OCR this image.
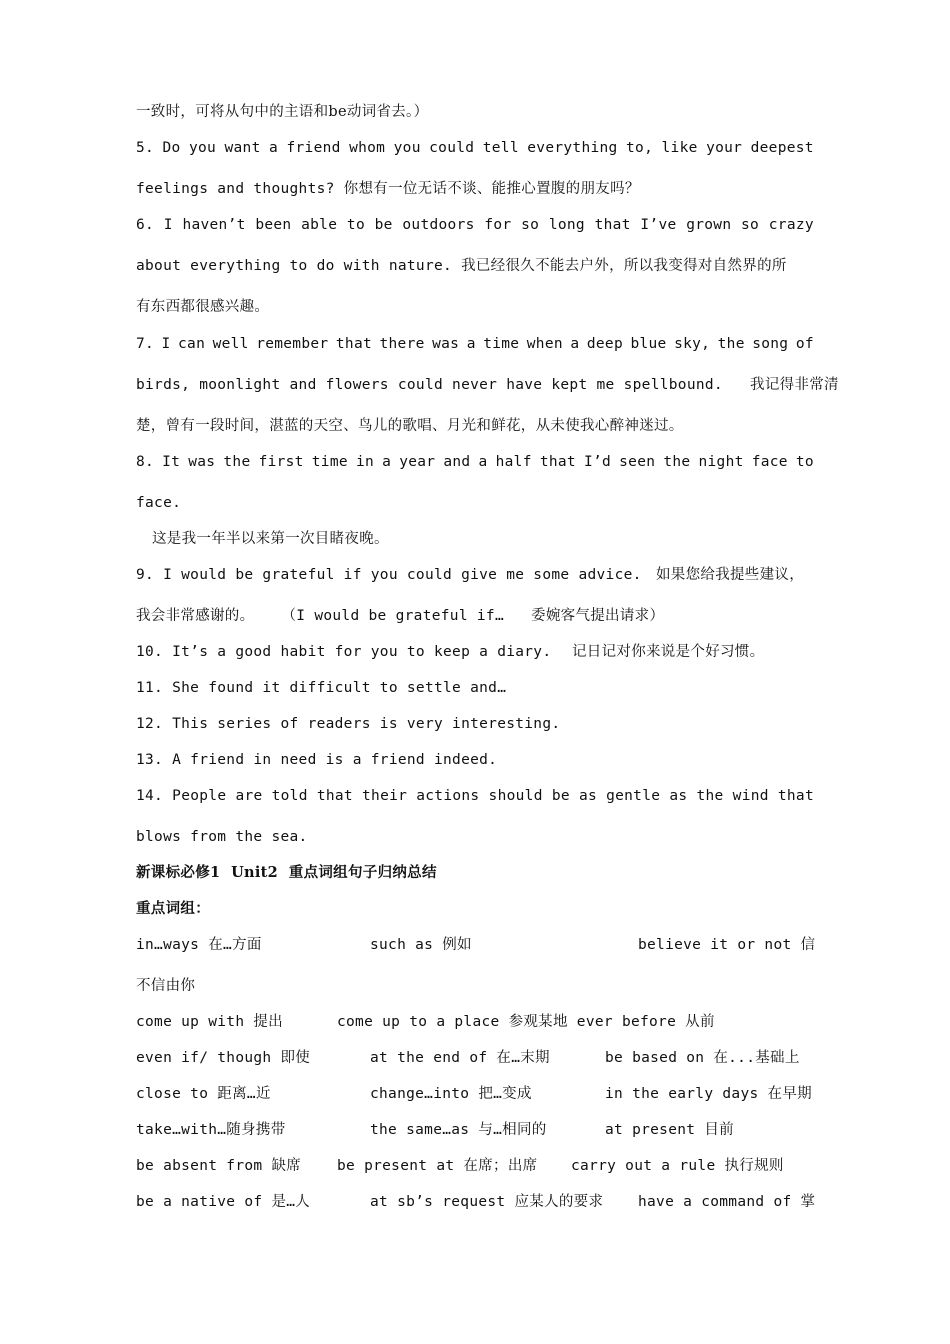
一致时，可将从句中的主语和be动词省去。）
5. Do you want a friend whom you could tell everything to, like your deepest
feelings and thoughts? 你想有一位无话不谈、能推心置腹的朋友吗？
6. I haven’t been able to be outdoors for so long that I’ve grown so crazy
about everything to do with nature. 我已经很久不能去户外，所以我变得对自然界的所
有东西都很感兴趣。
7. I can well remember that there was a time when a deep blue sky, the song of
birds, moonlight and flowers could never have kept me spellbound.   我记得非常清
楚，曾有一段时间，湛蓝的天空、鸟儿的歌唱、月光和鲜花，从未使我心醉神迷过。
8. It was the first time in a year and a half that I’d seen the night face to
face.
这是我一年半以来第一次目睹夜晚。
9. I would be grateful if you could give me some advice. 如果您给我提些建议，
我会非常感谢的。   （I would be grateful if…   委婉客气提出请求）
10. It’s a good habit for you to keep a diary. 记日记对你来说是个好习惯。
11. She found it difficult to settle and…
12. This series of readers is very interesting.
13. A friend in need is a friend indeed.
14. People are told that their actions should be as gentle as the wind that
blows from the sea.
新课标必修1  Unit2  重点词组句子归纳总结
重点词组：
in…ways 在…方面	such as 例如	believe it or not 信
不信由你
come up with 提出	come up to a place 参观某地 ever before 从前
even if/ though 即使	at the end of 在…末期	be based on 在...基础上
close to 距离…近	change…into 把…变成	in the early days 在早期
take…with…随身携带	the same…as 与…相同的	at present 目前
be absent from 缺席 be present at 在席；出席 carry out a rule 执行规则
be a native of 是…人	at sb’s request 应某人的要求 have a command of 掌
